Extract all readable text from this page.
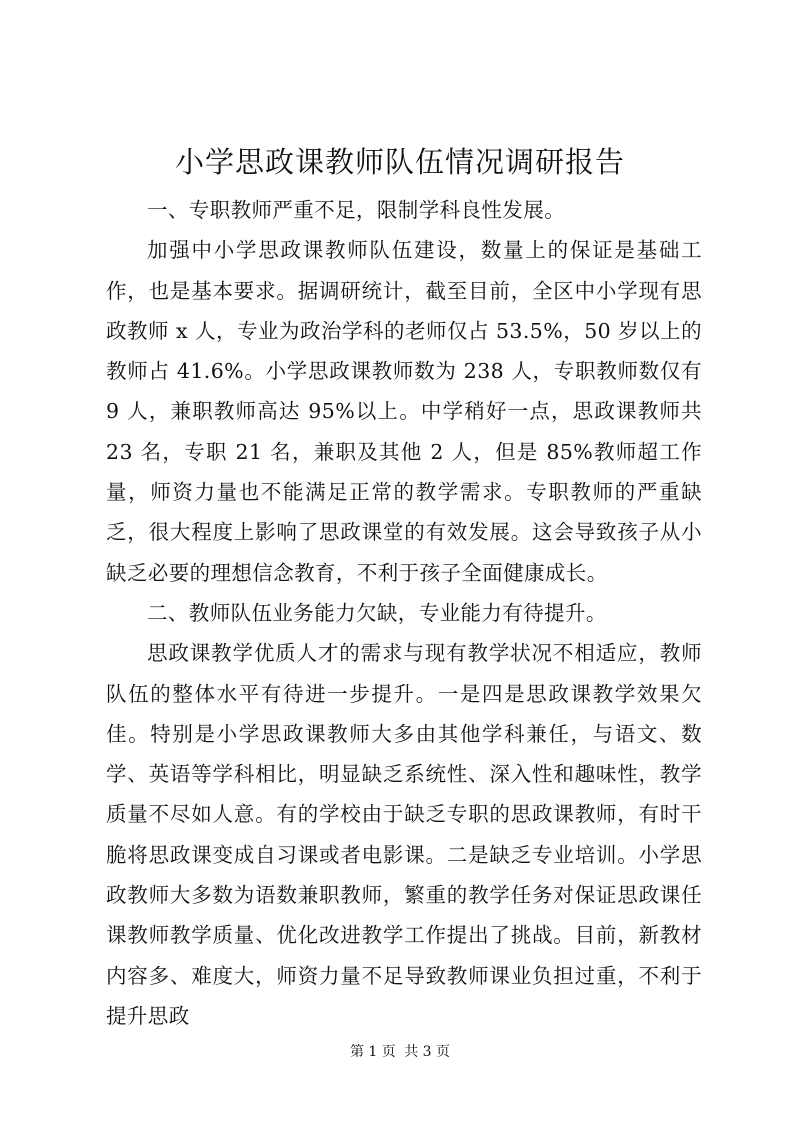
小学思政课教师队伍情况调研报告

一、专职教师严重不足，限制学科良性发展。

加强中小学思政课教师队伍建设，数量上的保证是基础工作，也是基本要求。据调研统计，截至目前，全区中小学现有思政教师 x 人，专业为政治学科的老师仅占 53.5%，50 岁以上的教师占 41.6%。小学思政课教师数为 238 人，专职教师数仅有 9 人，兼职教师高达 95%以上。中学稍好一点，思政课教师共 23 名，专职 21 名，兼职及其他 2 人，但是 85%教师超工作量，师资力量也不能满足正常的教学需求。专职教师的严重缺乏，很大程度上影响了思政课堂的有效发展。这会导致孩子从小缺乏必要的理想信念教育，不利于孩子全面健康成长。

二、教师队伍业务能力欠缺，专业能力有待提升。

思政课教学优质人才的需求与现有教学状况不相适应，教师队伍的整体水平有待进一步提升。一是四是思政课教学效果欠佳。特别是小学思政课教师大多由其他学科兼任，与语文、数学、英语等学科相比，明显缺乏系统性、深入性和趣味性，教学质量不尽如人意。有的学校由于缺乏专职的思政课教师，有时干脆将思政课变成自习课或者电影课。二是缺乏专业培训。小学思政教师大多数为语数兼职教师，繁重的教学任务对保证思政课任课教师教学质量、优化改进教学工作提出了挑战。目前，新教材内容多、难度大，师资力量不足导致教师课业负担过重，不利于提升思政

第 1 页 共 3 页
